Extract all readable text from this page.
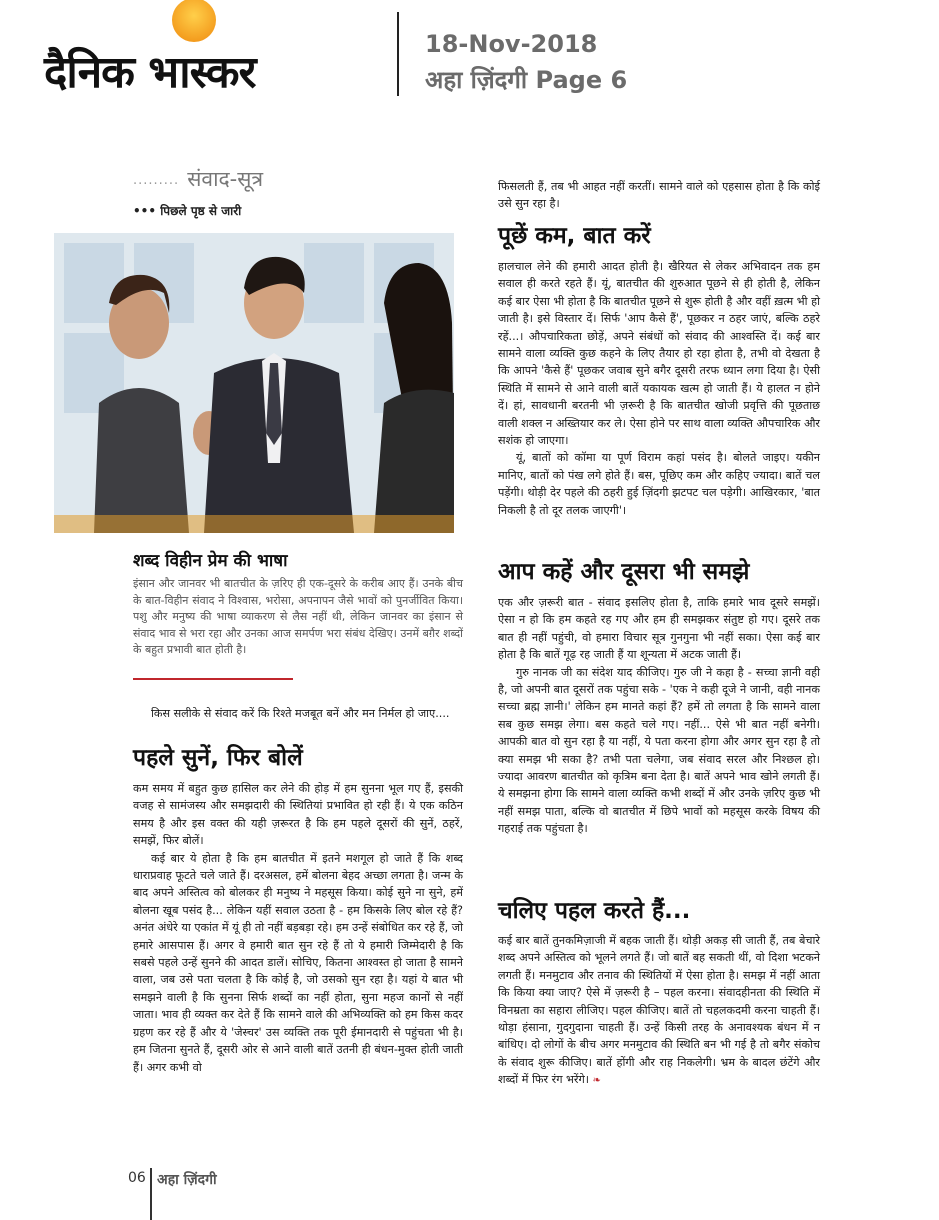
दैनिक भास्कर
18-Nov-2018
अहा ज़िंदगी Page 6
......... संवाद-सूत्र
••• पिछले पृष्ठ से जारी
शब्द विहीन प्रेम की भाषा
इंसान और जानवर भी बातचीत के ज़रिए ही एक-दूसरे के करीब आए हैं। उनके बीच के बात-विहीन संवाद ने विश्वास, भरोसा, अपनापन जैसे भावों को पुनर्जीवित किया। पशु और मनुष्य की भाषा व्याकरण से लैस नहीं थी, लेकिन जानवर का इंसान से संवाद भाव से भरा रहा और उनका आज समर्पण भरा संबंध देखिए। उनमें बग़ैर शब्दों के बहुत प्रभावी बात होती है।

किस सलीके से संवाद करें कि रिश्ते मजबूत बनें और मन निर्मल हो जाए....

पहले सुनें, फिर बोलें

कम समय में बहुत कुछ हासिल कर लेने की होड़ में हम सुनना भूल गए हैं, इसकी वजह से सामंजस्य और समझदारी की स्थितियां प्रभावित हो रही हैं। ये एक कठिन समय है और इस वक्त की यही ज़रूरत है कि हम पहले दूसरों की सुनें, ठहरें, समझें, फिर बोलें।

कई बार ये होता है कि हम बातचीत में इतने मशगूल हो जाते हैं कि शब्द धाराप्रवाह फूटते चले जाते हैं। दरअसल, हमें बोलना बेहद अच्छा लगता है। जन्म के बाद अपने अस्तित्व को बोलकर ही मनुष्य ने महसूस किया। कोई सुने ना सुने, हमें बोलना खूब पसंद है... लेकिन यहीं सवाल उठता है - हम किसके लिए बोल रहे हैं? अनंत अंधेरे या एकांत में यूं ही तो नहीं बड़बड़ा रहे। हम उन्हें संबोधित कर रहे हैं, जो हमारे आसपास हैं। अगर वे हमारी बात सुन रहे हैं तो ये हमारी जिम्मेदारी है कि सबसे पहले उन्हें सुनने की आदत डालें। सोचिए, कितना आश्वस्त हो जाता है सामने वाला, जब उसे पता चलता है कि कोई है, जो उसको सुन रहा है। यहां ये बात भी समझने वाली है कि सुनना सिर्फ शब्दों का नहीं होता, सुना महज कानों से नहीं जाता। भाव ही व्यक्त कर देते हैं कि सामने वाले की अभिव्यक्ति को हम किस कदर ग्रहण कर रहे हैं और ये 'जेस्चर' उस व्यक्ति तक पूरी ईमानदारी से पहुंचता भी है। हम जितना सुनते हैं, दूसरी ओर से आने वाली बातें उतनी ही बंधन-मुक्त होती जाती हैं। अगर कभी वो

फिसलती हैं, तब भी आहत नहीं करतीं। सामने वाले को एहसास होता है कि कोई उसे सुन रहा है।

पूछें कम, बात करें

हालचाल लेने की हमारी आदत होती है। खैरियत से लेकर अभिवादन तक हम सवाल ही करते रहते हैं। यूं, बातचीत की शुरुआत पूछने से ही होती है, लेकिन कई बार ऐसा भी होता है कि बातचीत पूछने से शुरू होती है और वहीं ख़त्म भी हो जाती है। इसे विस्तार दें। सिर्फ 'आप कैसे हैं', पूछकर न ठहर जाएं, बल्कि ठहरे रहें...। औपचारिकता छोड़ें, अपने संबंधों को संवाद की आश्वस्ति दें। कई बार सामने वाला व्यक्ति कुछ कहने के लिए तैयार हो रहा होता है, तभी वो देखता है कि आपने 'कैसे हैं' पूछकर जवाब सुने बगैर दूसरी तरफ ध्यान लगा दिया है। ऐसी स्थिति में सामने से आने वाली बातें यकायक खत्म हो जाती हैं। ये हालत न होने दें। हां, सावधानी बरतनी भी ज़रूरी है कि बातचीत खोजी प्रवृत्ति की पूछताछ वाली शक्ल न अख्तियार कर ले। ऐसा होने पर साथ वाला व्यक्ति औपचारिक और सशंक हो जाएगा।

यूं, बातों को कॉमा या पूर्ण विराम कहां पसंद है। बोलते जाइए। यकीन मानिए, बातों को पंख लगे होते हैं। बस, पूछिए कम और कहिए ज्यादा। बातें चल पड़ेंगी। थोड़ी देर पहले की ठहरी हुई ज़िंदगी झटपट चल पड़ेगी। आखिरकार, 'बात निकली है तो दूर तलक जाएगी'।

आप कहें और दूसरा भी समझे

एक और ज़रूरी बात - संवाद इसलिए होता है, ताकि हमारे भाव दूसरे समझें। ऐसा न हो कि हम कहते रह गए और हम ही समझकर संतुष्ट हो गए। दूसरे तक बात ही नहीं पहुंची, वो हमारा विचार सूत्र गुनगुना भी नहीं सका। ऐसा कई बार होता है कि बातें गूढ़ रह जाती हैं या शून्यता में अटक जाती हैं।

गुरु नानक जी का संदेश याद कीजिए। गुरु जी ने कहा है - सच्चा ज्ञानी वही है, जो अपनी बात दूसरों तक पहुंचा सके - 'एक ने कही दूजे ने जानी, वही नानक सच्चा ब्रह्म ज्ञानी।' लेकिन हम मानते कहां हैं? हमें तो लगता है कि सामने वाला सब कुछ समझ लेगा। बस कहते चले गए। नहीं... ऐसे भी बात नहीं बनेगी। आपकी बात वो सुन रहा है या नहीं, ये पता करना होगा और अगर सुन रहा है तो क्या समझ भी सका है? तभी पता चलेगा, जब संवाद सरल और निश्छल हो। ज्यादा आवरण बातचीत को कृत्रिम बना देता है। बातें अपने भाव खोने लगती हैं। ये समझना होगा कि सामने वाला व्यक्ति कभी शब्दों में और उनके ज़रिए कुछ भी नहीं समझ पाता, बल्कि वो बातचीत में छिपे भावों को महसूस करके विषय की गहराई तक पहुंचता है।

चलिए पहल करते हैं...

कई बार बातें तुनकमिज़ाजी में बहक जाती हैं। थोड़ी अकड़ सी जाती हैं, तब बेचारे शब्द अपने अस्तित्व को भूलने लगते हैं। जो बातें बह सकती थीं, वो दिशा भटकने लगती हैं। मनमुटाव और तनाव की स्थितियों में ऐसा होता है। समझ में नहीं आता कि किया क्या जाए? ऐसे में ज़रूरी है – पहल करना। संवादहीनता की स्थिति में विनम्रता का सहारा लीजिए। पहल कीजिए। बातें तो चहलकदमी करना चाहती हैं। थोड़ा हंसाना, गुदगुदाना चाहती हैं। उन्हें किसी तरह के अनावश्यक बंधन में न बांधिए। दो लोगों के बीच अगर मनमुटाव की स्थिति बन भी गई है तो बगैर संकोच के संवाद शुरू कीजिए। बातें होंगी और राह निकलेगी। भ्रम के बादल छंटेंगे और शब्दों में फिर रंग भरेंगे। ❧

06 अहा ज़िंदगी
